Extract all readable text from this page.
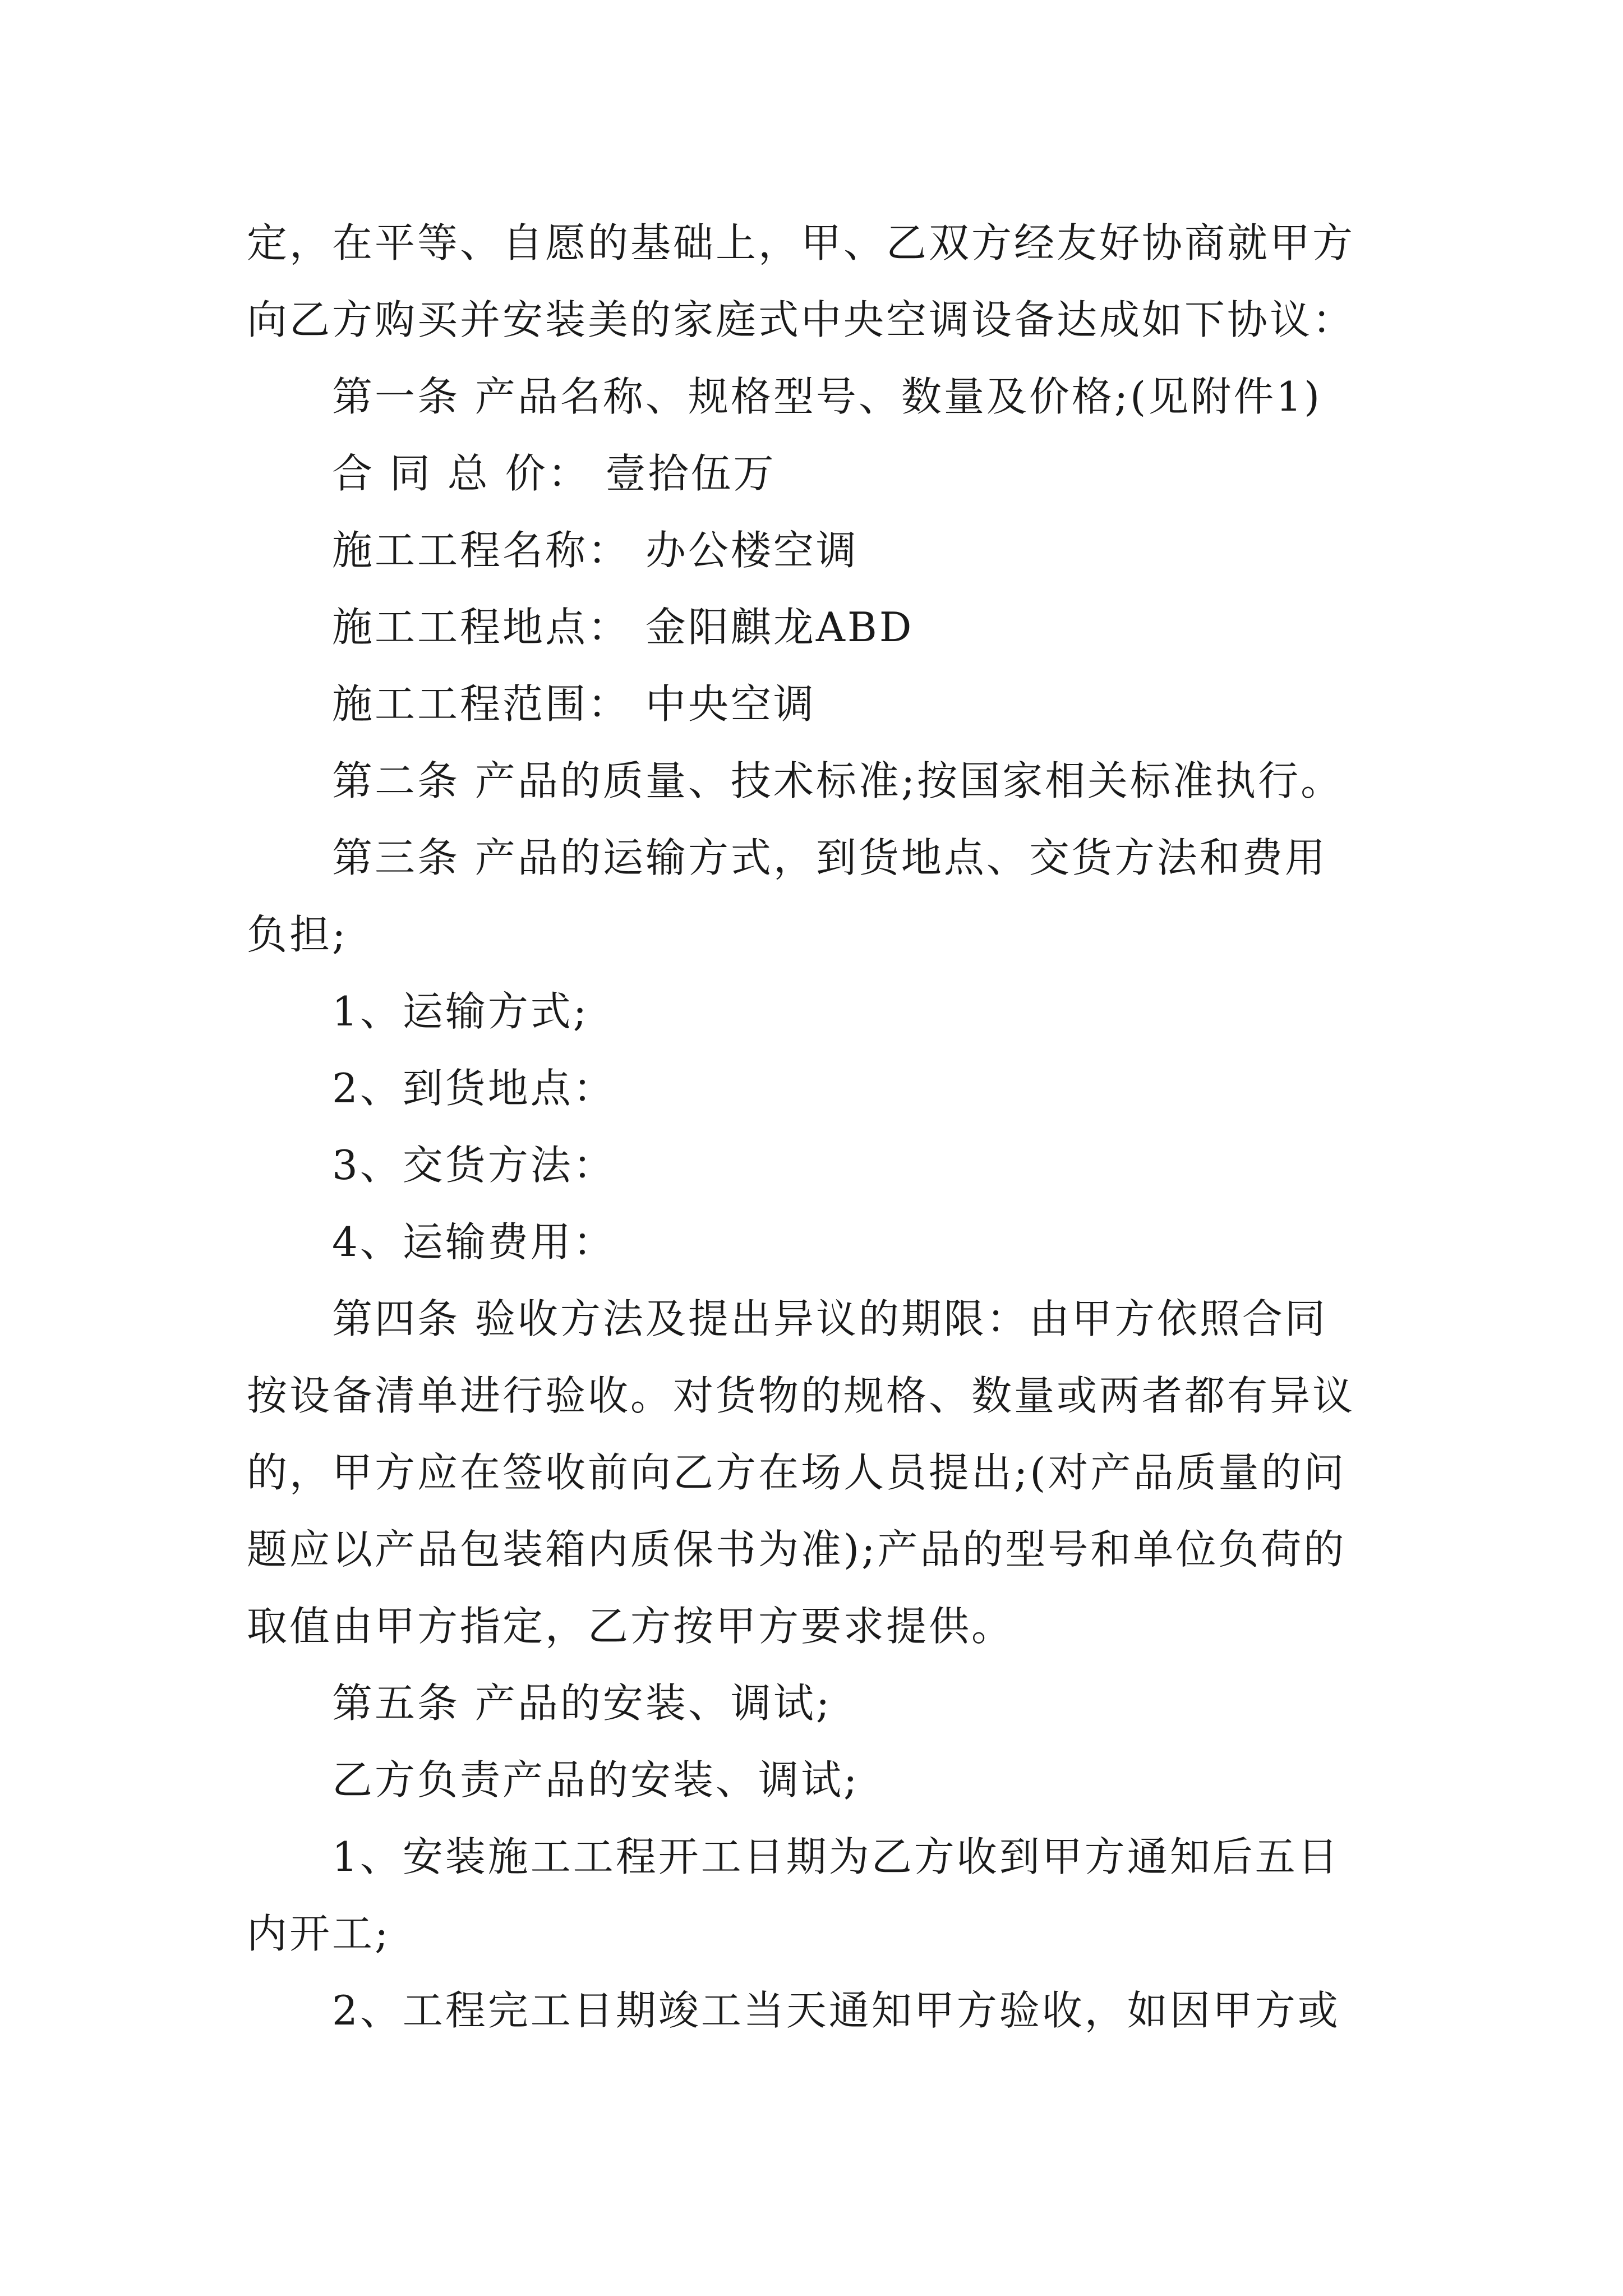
定，在平等、自愿的基础上，甲、乙双方经友好协商就甲方
向乙方购买并安装美的家庭式中央空调设备达成如下协议：
第一条 产品名称、规格型号、数量及价格;(见附件1)
合 同 总 价： 壹拾伍万
施工工程名称： 办公楼空调
施工工程地点： 金阳麒龙ABD
施工工程范围： 中央空调
第二条 产品的质量、技术标准;按国家相关标准执行。
第三条 产品的运输方式，到货地点、交货方法和费用
负担;
1、运输方式;
2、到货地点：
3、交货方法：
4、运输费用：
第四条 验收方法及提出异议的期限：由甲方依照合同
按设备清单进行验收。对货物的规格、数量或两者都有异议
的，甲方应在签收前向乙方在场人员提出;(对产品质量的问
题应以产品包装箱内质保书为准);产品的型号和单位负荷的
取值由甲方指定，乙方按甲方要求提供。
第五条 产品的安装、调试;
乙方负责产品的安装、调试;
1、安装施工工程开工日期为乙方收到甲方通知后五日
内开工;
2、工程完工日期竣工当天通知甲方验收，如因甲方或
